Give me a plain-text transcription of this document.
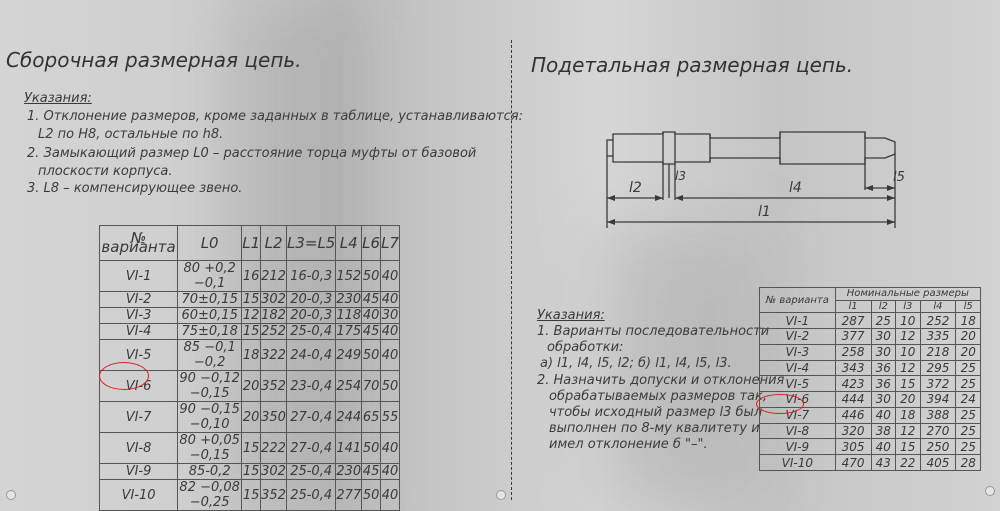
Сборочная размерная цепь.
Указания:
1. Отклонение размеров, кроме заданных в таблице, устанавливаются:
L2 по H8, остальные по h8.
2. Замыкающий размер L0 – расстояние торца муфты от базовой
плоскости корпуса.
3. L8 – компенсирующее звено.
№ варианта	L0	L1	L2	L3=L5	L4	L6	L7
VI-1	80 +0,2 −0,1	16	212	16-0,3	152	50	40
VI-2	70±0,15	15	302	20-0,3	230	45	40
VI-3	60±0,15	12	182	20-0,3	118	40	30
VI-4	75±0,18	15	252	25-0,4	175	45	40
VI-5	85 −0,1 −0,2	18	322	24-0,4	249	50	40
VI-6	90 −0,12 −0,15	20	352	23-0,4	254	70	50
VI-7	90 −0,15 −0,10	20	350	27-0,4	244	65	55
VI-8	80 +0,05 −0,15	15	222	27-0,4	141	50	40
VI-9	85-0,2	15	302	25-0,4	230	45	40
VI-10	82 −0,08 −0,25	15	352	25-0,4	277	50	40
Подетальная размерная цепь.
l2
l3
l4
l5
l1
Указания:
1. Варианты последовательности
обработки:
а) l1, l4, l5, l2; б) l1, l4, l5, l3.
2. Назначить допуски и отклонения
обрабатываемых размеров так,
чтобы исходный размер l3 был
выполнен по 8-му квалитету и
имел отклонение б "–".
№ варианта	Номинальные размеры				
	l1	l2	l3	l4	l5
VI-1	287	25	10	252	18
VI-2	377	30	12	335	20
VI-3	258	30	10	218	20
VI-4	343	36	12	295	25
VI-5	423	36	15	372	25
VI-6	444	30	20	394	24
VI-7	446	40	18	388	25
VI-8	320	38	12	270	25
VI-9	305	40	15	250	25
VI-10	470	43	22	405	28
